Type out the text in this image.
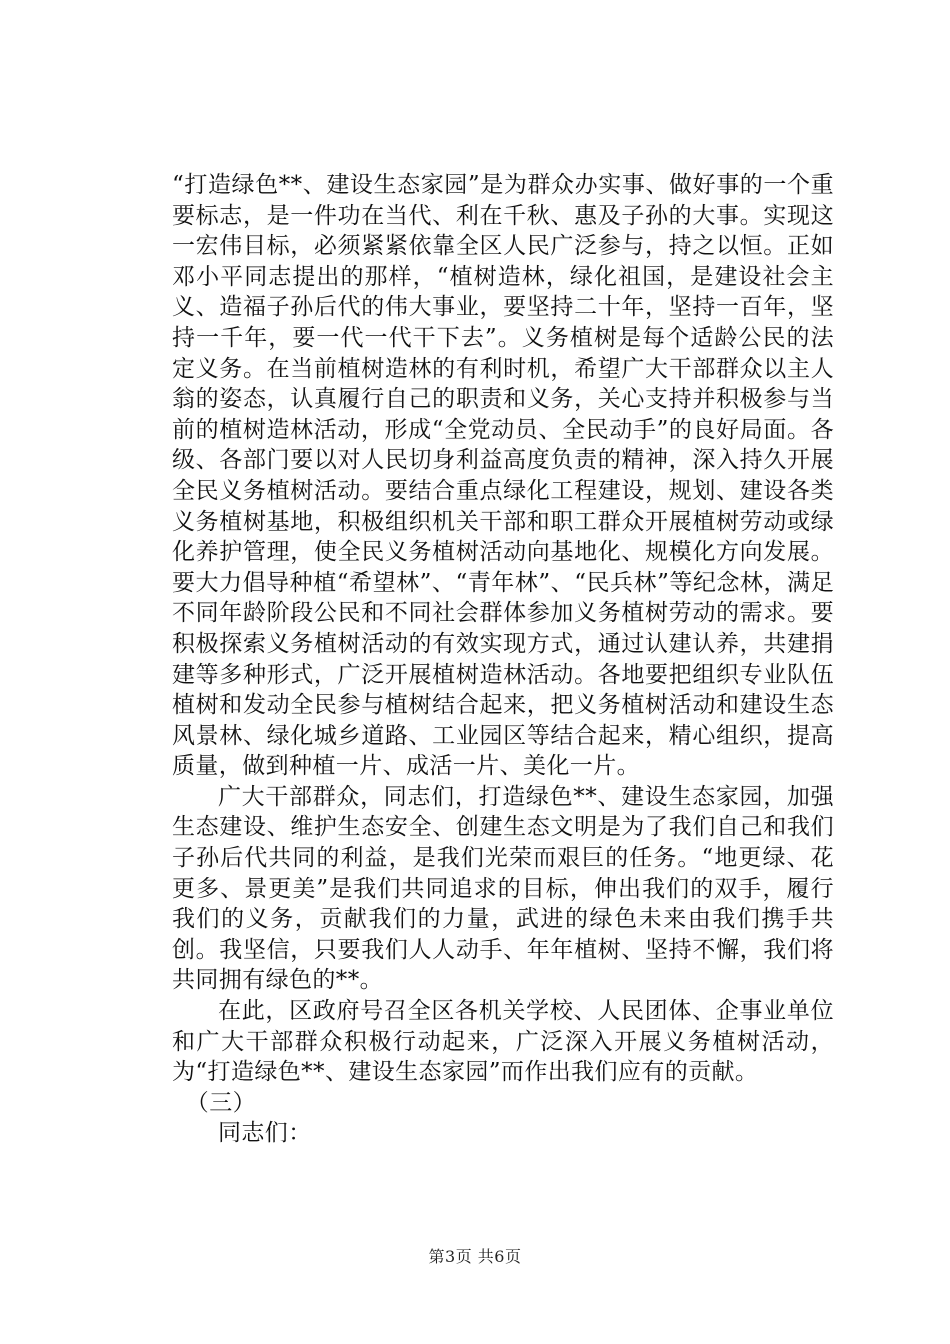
“打造绿色**、建设生态家园”是为群众办实事、做好事的一个重要标志，是一件功在当代、利在千秋、惠及子孙的大事。实现这一宏伟目标，必须紧紧依靠全区人民广泛参与，持之以恒。正如邓小平同志提出的那样，“植树造林，绿化祖国，是建设社会主义、造福子孙后代的伟大事业，要坚持二十年，坚持一百年，坚持一千年，要一代一代干下去”。义务植树是每个适龄公民的法定义务。在当前植树造林的有利时机，希望广大干部群众以主人翁的姿态，认真履行自己的职责和义务，关心支持并积极参与当前的植树造林活动，形成“全党动员、全民动手”的良好局面。各级、各部门要以对人民切身利益高度负责的精神，深入持久开展全民义务植树活动。要结合重点绿化工程建设，规划、建设各类义务植树基地，积极组织机关干部和职工群众开展植树劳动或绿化养护管理，使全民义务植树活动向基地化、规模化方向发展。要大力倡导种植“希望林”、“青年林”、“民兵林”等纪念林，满足不同年龄阶段公民和不同社会群体参加义务植树劳动的需求。要积极探索义务植树活动的有效实现方式，通过认建认养，共建捐建等多种形式，广泛开展植树造林活动。各地要把组织专业队伍植树和发动全民参与植树结合起来，把义务植树活动和建设生态风景林、绿化城乡道路、工业园区等结合起来，精心组织，提高质量，做到种植一片、成活一片、美化一片。

广大干部群众，同志们，打造绿色**、建设生态家园，加强生态建设、维护生态安全、创建生态文明是为了我们自己和我们子孙后代共同的利益，是我们光荣而艰巨的任务。“地更绿、花更多、景更美”是我们共同追求的目标，伸出我们的双手，履行我们的义务，贡献我们的力量，武进的绿色未来由我们携手共创。我坚信，只要我们人人动手、年年植树、坚持不懈，我们将共同拥有绿色的**。

在此，区政府号召全区各机关学校、人民团体、企事业单位和广大干部群众积极行动起来，广泛深入开展义务植树活动，为“打造绿色**、建设生态家园”而作出我们应有的贡献。

（三）

同志们：

第3页 共6页
